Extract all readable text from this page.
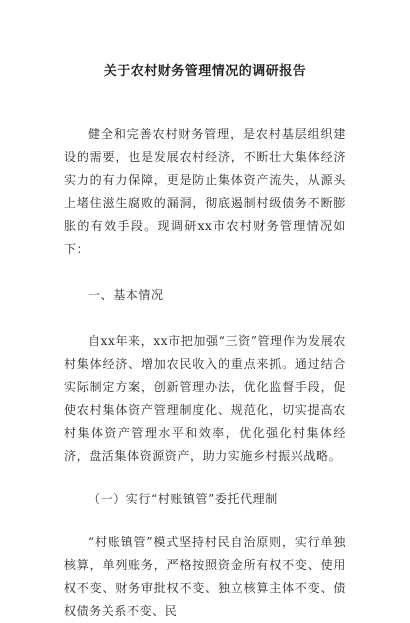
关于农村财务管理情况的调研报告

健全和完善农村财务管理，是农村基层组织建设的需要，也是发展农村经济，不断壮大集体经济实力的有力保障，更是防止集体资产流失，从源头上堵住滋生腐败的漏洞，彻底遏制村级债务不断膨胀的有效手段。现调研xx市农村财务管理情况如下：

一、基本情况

自xx年来，xx市把加强“三资”管理作为发展农村集体经济、增加农民收入的重点来抓。通过结合实际制定方案，创新管理办法，优化监督手段，促使农村集体资产管理制度化、规范化，切实提高农村集体资产管理水平和效率，优化强化村集体经济，盘活集体资源资产，助力实施乡村振兴战略。

（一）实行“村账镇管”委托代理制

“村账镇管”模式坚持村民自治原则，实行单独核算，单列账务，严格按照资金所有权不变、使用权不变、财务审批权不变、独立核算主体不变、债权债务关系不变、民
